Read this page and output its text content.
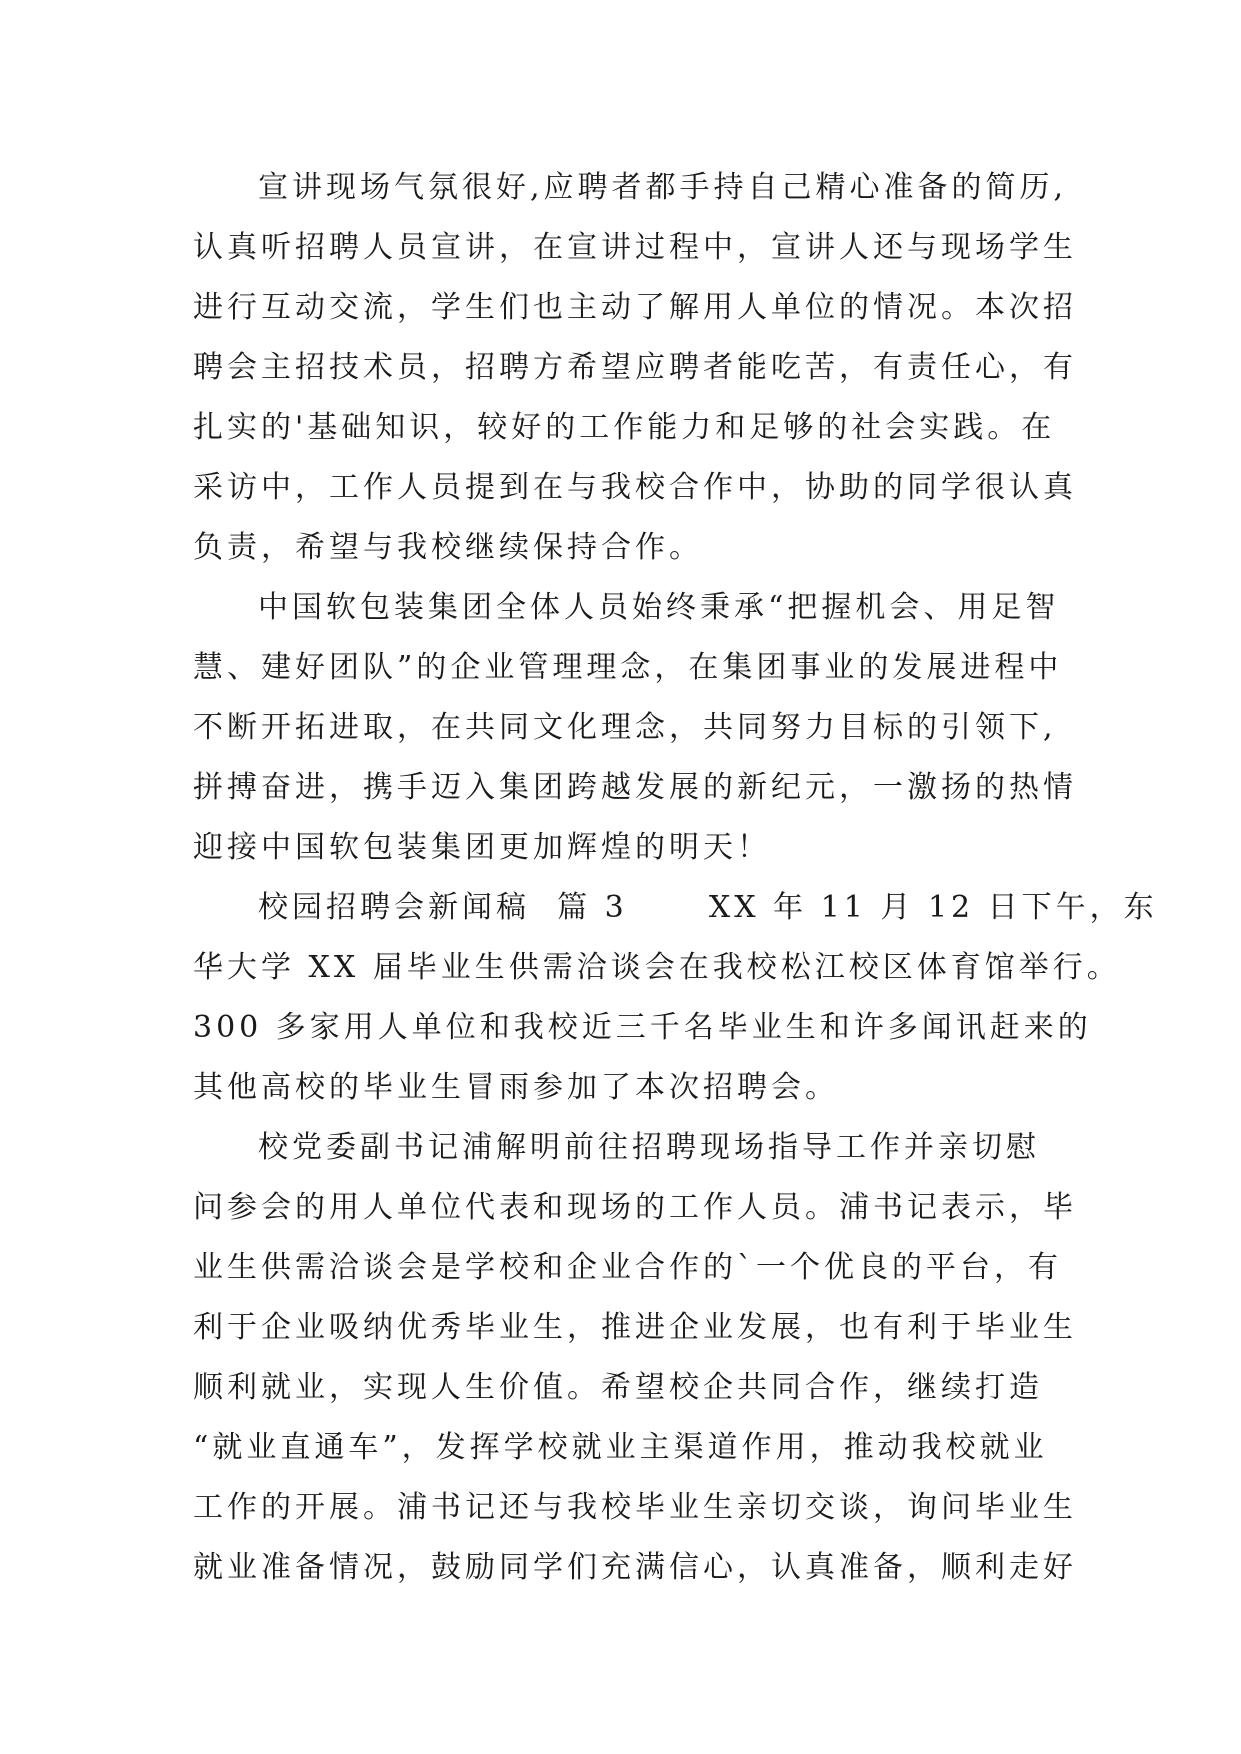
宣讲现场气氛很好,应聘者都手持自己精心准备的简历,
认真听招聘人员宣讲，在宣讲过程中，宣讲人还与现场学生
进行互动交流，学生们也主动了解用人单位的情况。本次招
聘会主招技术员，招聘方希望应聘者能吃苦，有责任心，有
扎实的'基础知识，较好的工作能力和足够的社会实践。在
采访中，工作人员提到在与我校合作中，协助的同学很认真
负责，希望与我校继续保持合作。
中国软包装集团全体人员始终秉承“把握机会、用足智
慧、建好团队”的企业管理理念，在集团事业的发展进程中
不断开拓进取，在共同文化理念，共同努力目标的引领下,
拼搏奋进，携手迈入集团跨越发展的新纪元，一激扬的热情
迎接中国软包装集团更加辉煌的明天！
校园招聘会新闻稿  篇 3      XX 年 11 月 12 日下午，东
华大学 XX 届毕业生供需洽谈会在我校松江校区体育馆举行。
300 多家用人单位和我校近三千名毕业生和许多闻讯赶来的
其他高校的毕业生冒雨参加了本次招聘会。
校党委副书记浦解明前往招聘现场指导工作并亲切慰
问参会的用人单位代表和现场的工作人员。浦书记表示，毕
业生供需洽谈会是学校和企业合作的`一个优良的平台，有
利于企业吸纳优秀毕业生，推进企业发展，也有利于毕业生
顺利就业，实现人生价值。希望校企共同合作，继续打造
“就业直通车”，发挥学校就业主渠道作用，推动我校就业
工作的开展。浦书记还与我校毕业生亲切交谈，询问毕业生
就业准备情况，鼓励同学们充满信心，认真准备，顺利走好
